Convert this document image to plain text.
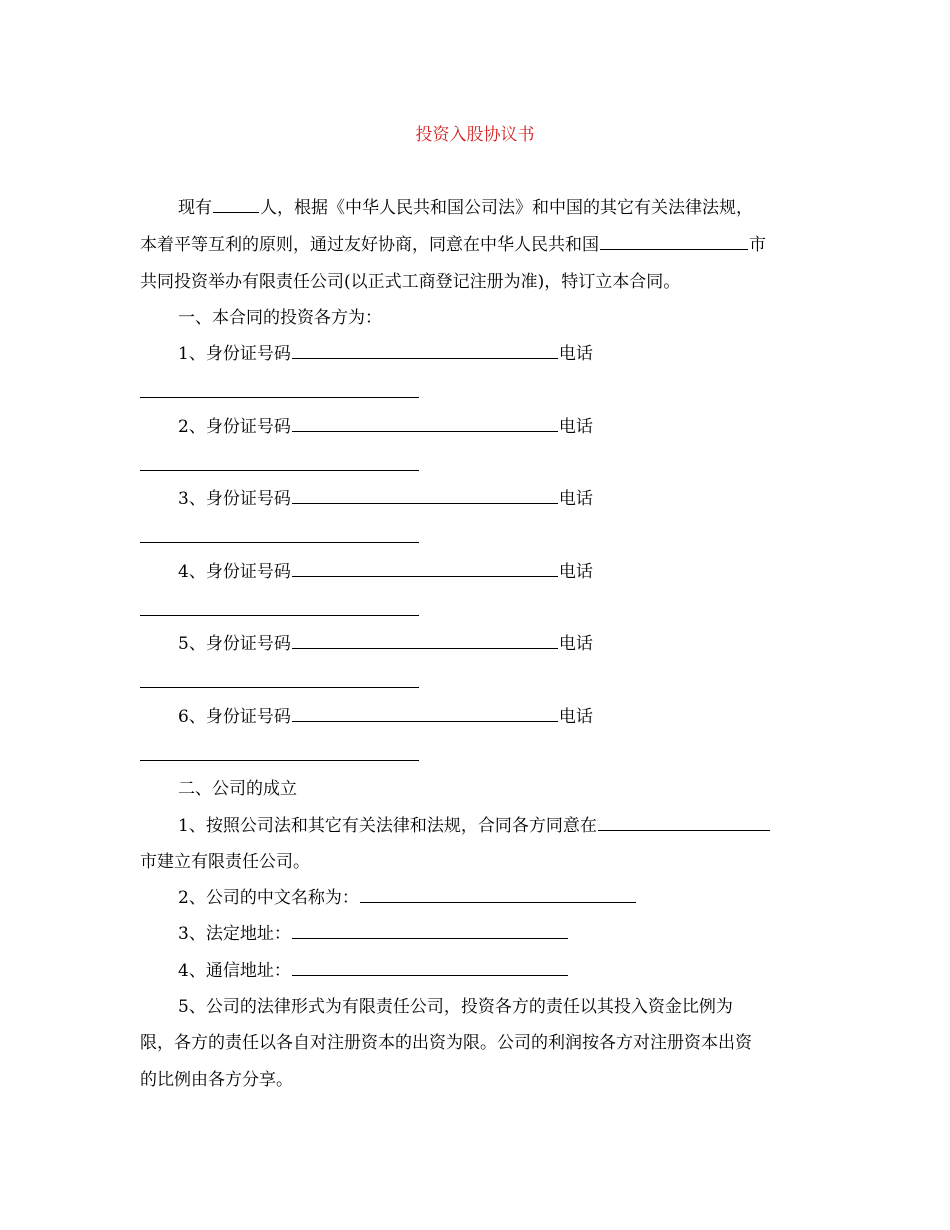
投资入股协议书
现有	人，根据《中华人民共和国公司法》和中国的其它有关法律法规，
本着平等互利的原则，通过友好协商，同意在中华人民共和国	市
共同投资举办有限责任公司(以正式工商登记注册为准)，特订立本合同。
一、本合同的投资各方为：
1、身份证号码	电话
2、身份证号码	电话
3、身份证号码	电话
4、身份证号码	电话
5、身份证号码	电话
6、身份证号码	电话
二、公司的成立
1、按照公司法和其它有关法律和法规，合同各方同意在
市建立有限责任公司。
2、公司的中文名称为：
3、法定地址：
4、通信地址：
5、公司的法律形式为有限责任公司，投资各方的责任以其投入资金比例为
限，各方的责任以各自对注册资本的出资为限。公司的利润按各方对注册资本出资
的比例由各方分享。
